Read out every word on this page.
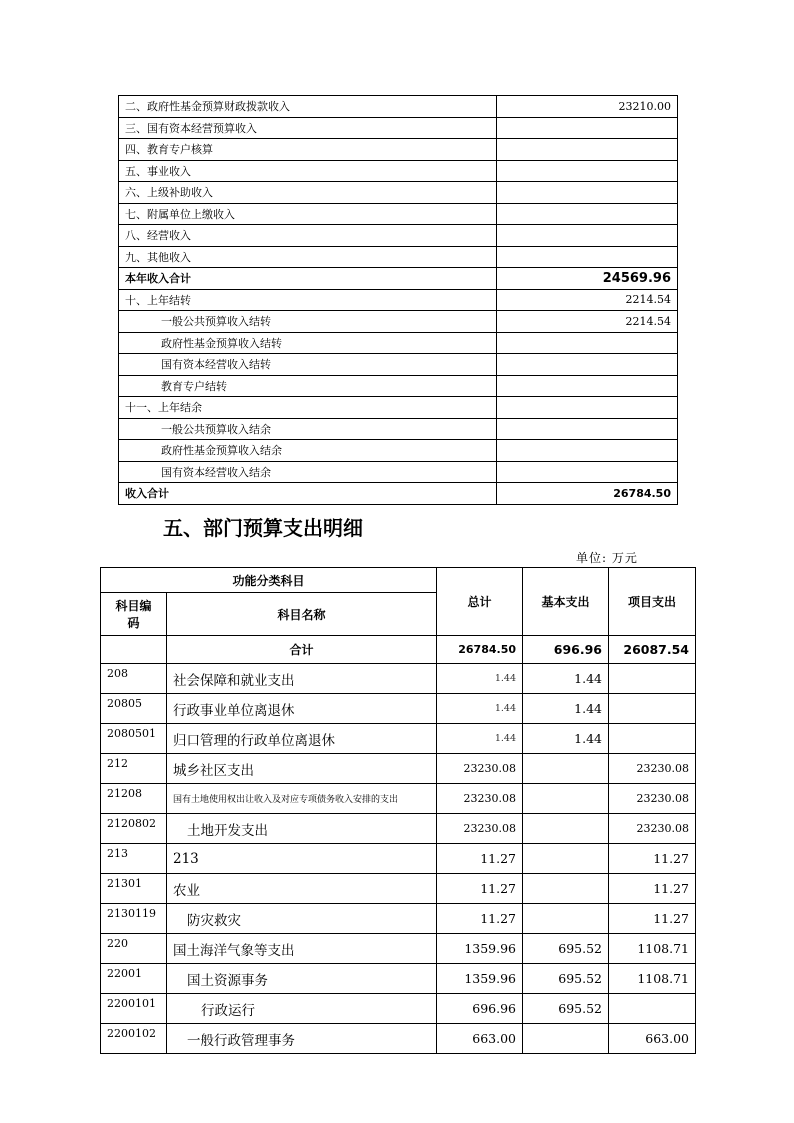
二、政府性基金预算财政拨款收入	23210.00
三、国有资本经营预算收入	
四、教育专户核算	
五、事业收入	
六、上级补助收入	
七、附属单位上缴收入	
八、经营收入	
九、其他收入	
本年收入合计	24569.96
十、上年结转	2214.54
一般公共预算收入结转	2214.54
政府性基金预算收入结转	
国有资本经营收入结转	
教育专户结转	
十一、上年结余	
一般公共预算收入结余	
政府性基金预算收入结余	
国有资本经营收入结余	
收入合计	26784.50
五、部门预算支出明细
单位: 万元
功能分类科目		总计	基本支出	项目支出
科目编码	科目名称			
	合计	26784.50	696.96	26087.54
208	社会保障和就业支出	1.44	1.44	
20805	行政事业单位离退休	1.44	1.44	
2080501	归口管理的行政单位离退休	1.44	1.44	
212	城乡社区支出	23230.08		23230.08
21208	国有土地使用权出让收入及对应专项债务收入安排的支出	23230.08		23230.08
2120802	土地开发支出	23230.08		23230.08
213	213	11.27		11.27
21301	农业	11.27		11.27
2130119	防灾救灾	11.27		11.27
220	国土海洋气象等支出	1359.96	695.52	1108.71
22001	国土资源事务	1359.96	695.52	1108.71
2200101	行政运行	696.96	695.52	
2200102	一般行政管理事务	663.00		663.00
